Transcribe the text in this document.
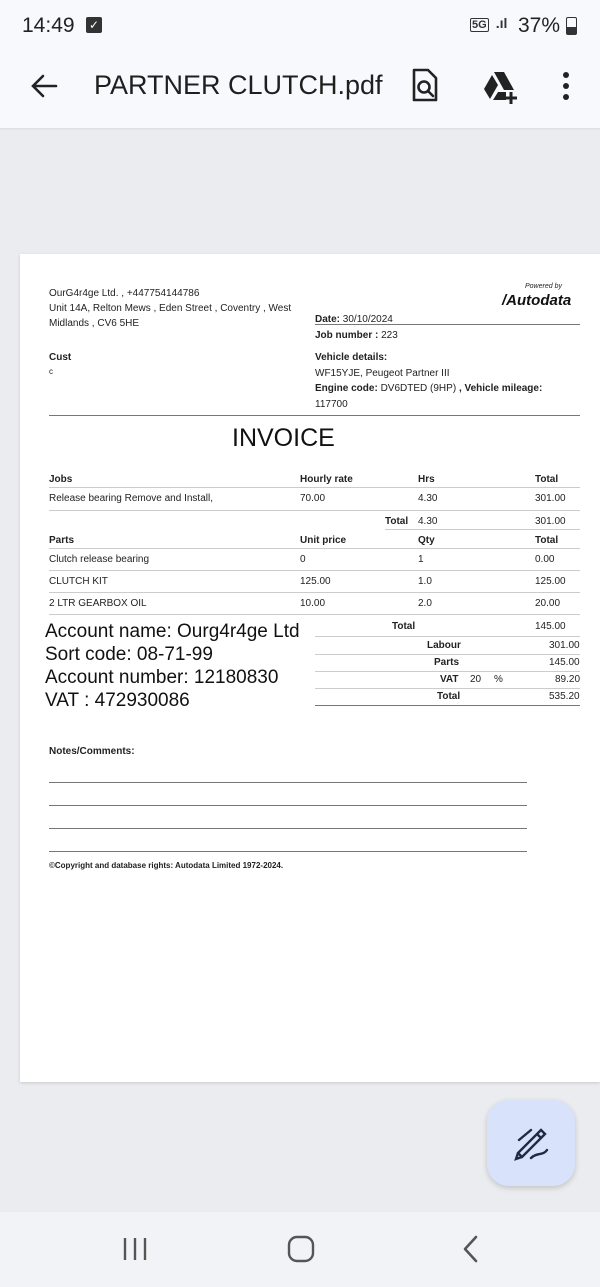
14:49 ✓	5G .ıl 37%
PARTNER CLUTCH.pdf
OurG4r4ge Ltd. , +447754144786
Unit 14A, Relton Mews , Eden Street , Coventry , West
Midlands , CV6 5HE
Powered by
/Autodata
Date: 30/10/2024
Job number : 223
Cust
c
Vehicle details:
WF15YJE, Peugeot Partner III
Engine code: DV6DTED (9HP) , Vehicle mileage:
117700
INVOICE
Jobs	Hourly rate	Hrs	Total
Release bearing Remove and Install,	70.00	4.30	301.00
Total 4.30	301.00
Parts	Unit price	Qty	Total
Clutch release bearing	0	1	0.00
CLUTCH KIT	125.00	1.0	125.00
2 LTR GEARBOX OIL	10.00	2.0	20.00
Total	145.00
Account name: Ourg4r4ge Ltd
Sort code: 08-71-99
Account number: 12180830
VAT : 472930086
Labour	301.00
Parts	145.00
VAT 20 %	89.20
Total	535.20
Notes/Comments:
©Copyright and database rights: Autodata Limited 1972-2024.
